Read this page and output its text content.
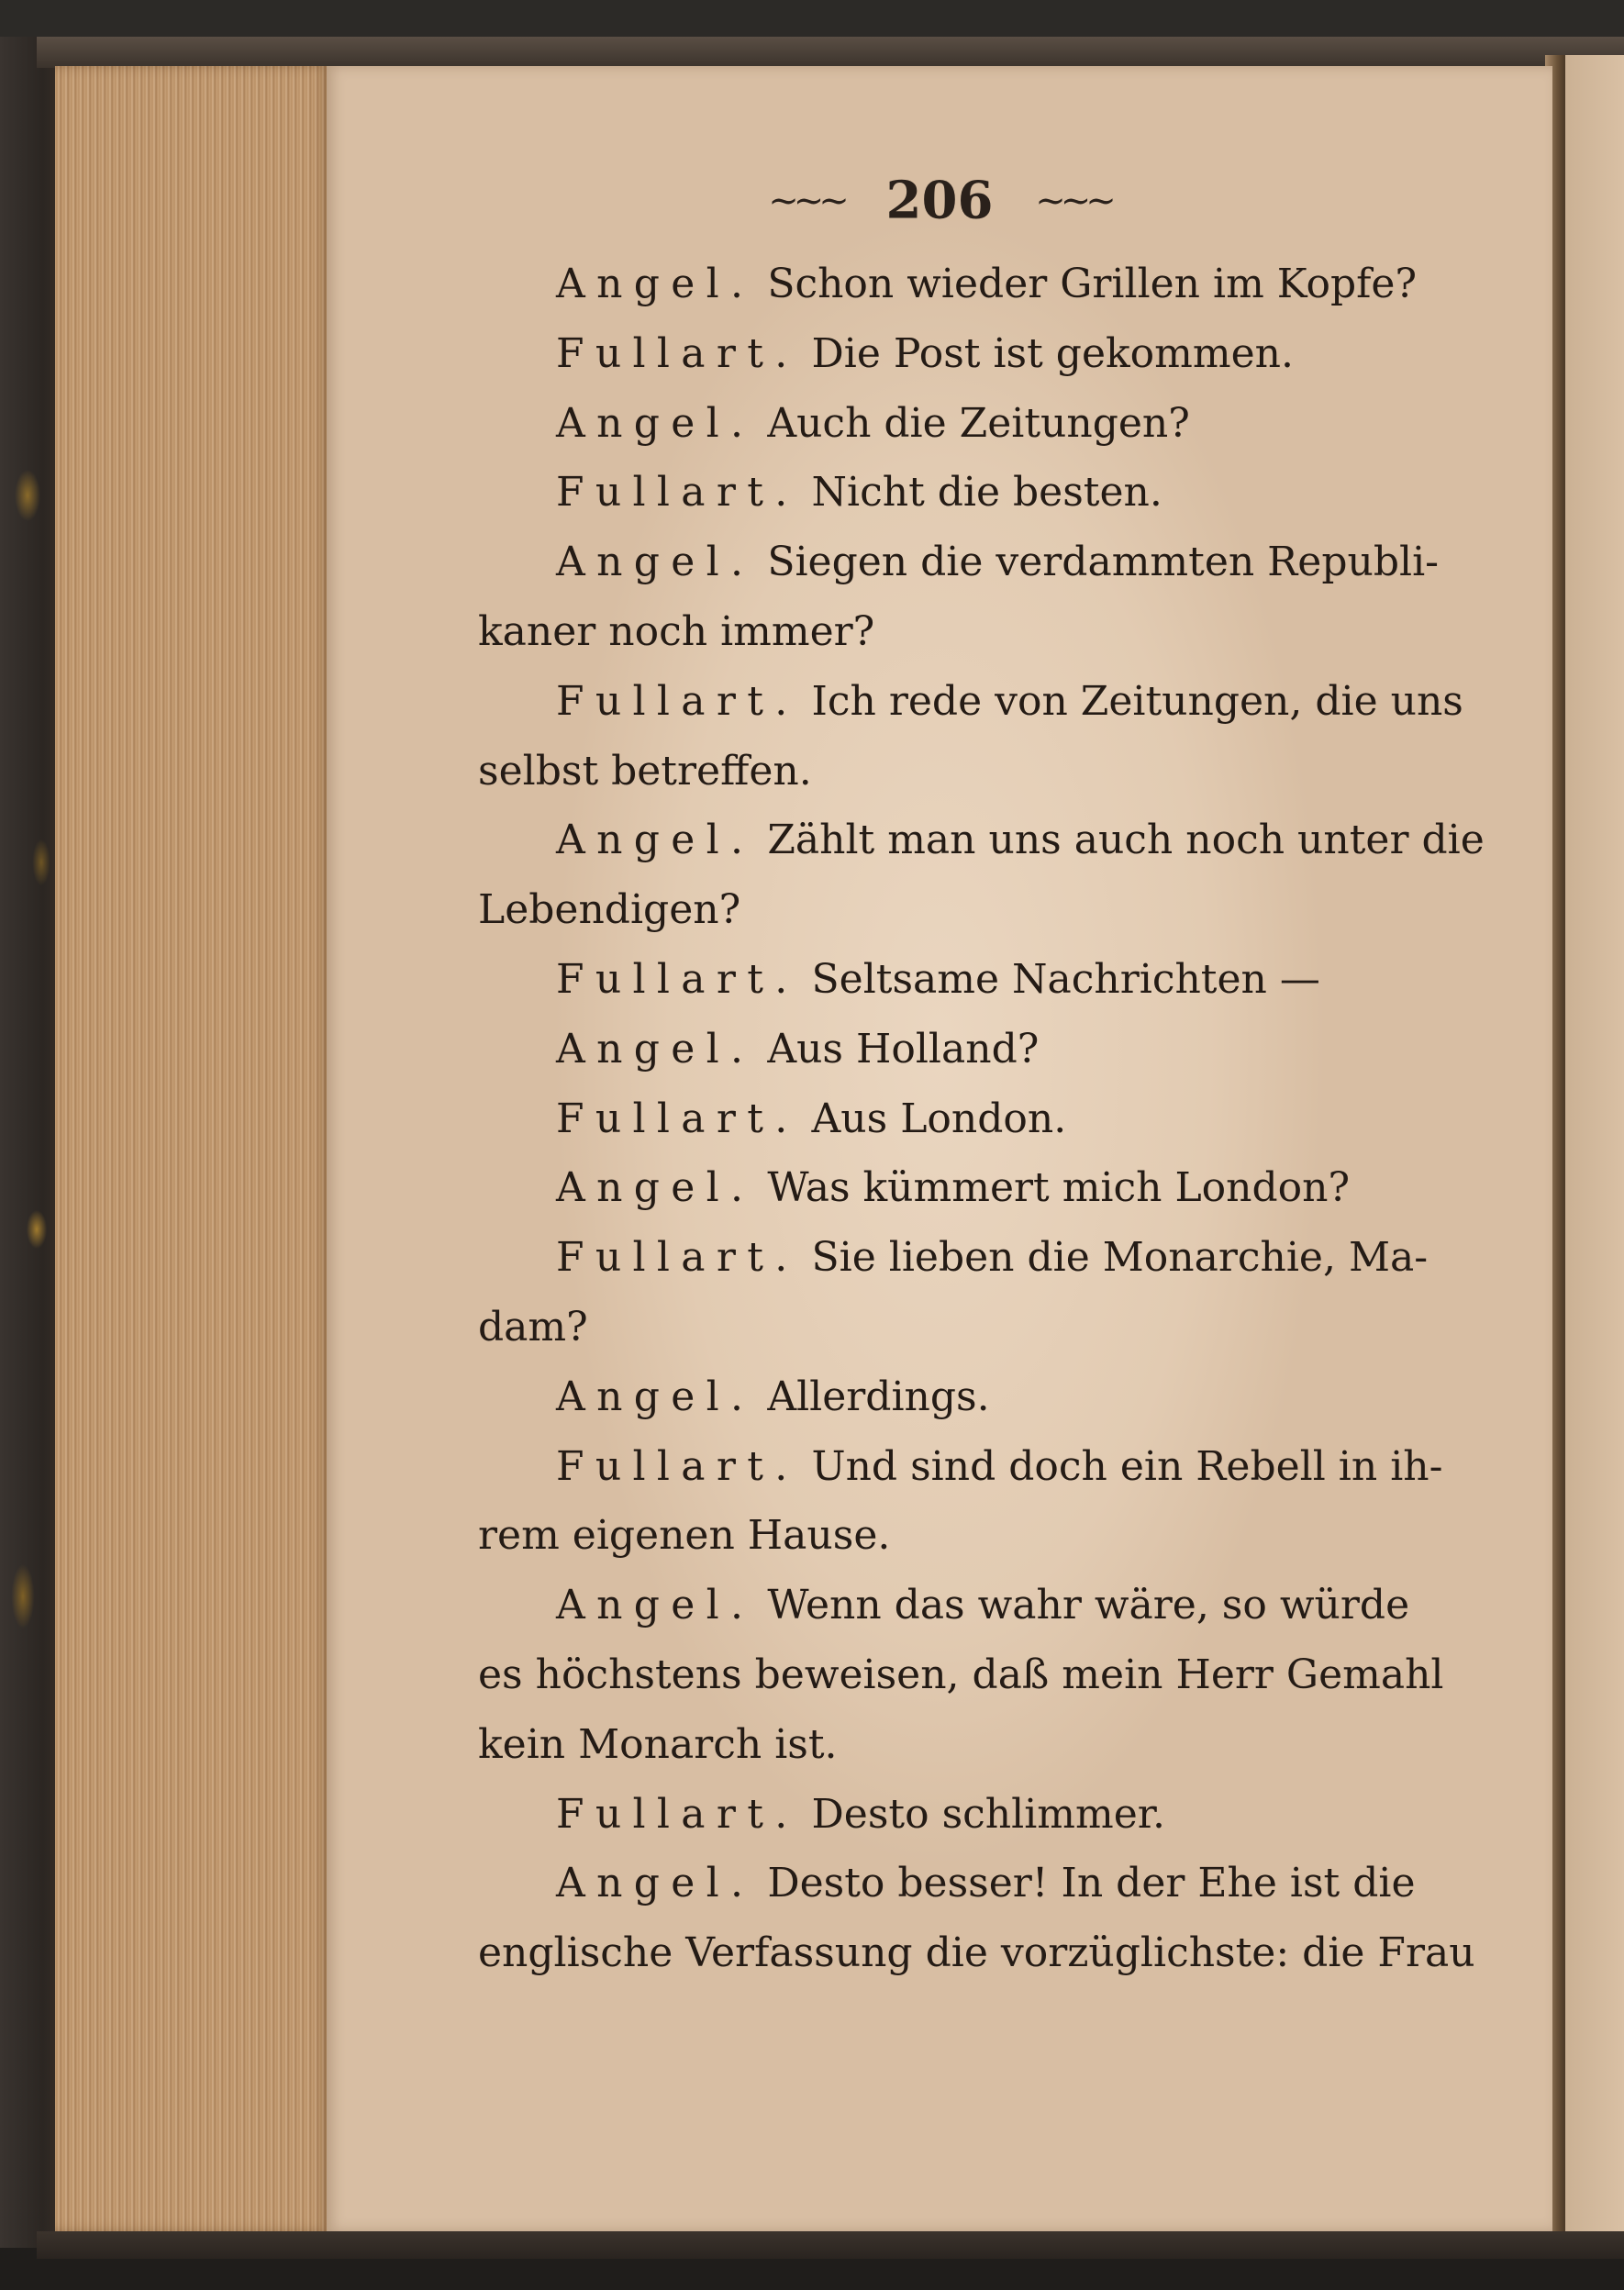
~~~ 206 ~~~
Angel. Schon wieder Grillen im Kopfe?
Fullart. Die Post ist gekommen.
Angel. Auch die Zeitungen?
Fullart. Nicht die besten.
Angel. Siegen die verdammten Republi-
kaner noch immer?
Fullart. Ich rede von Zeitungen, die uns
selbst betreffen.
Angel. Zählt man uns auch noch unter die
Lebendigen?
Fullart. Seltsame Nachrichten —
Angel. Aus Holland?
Fullart. Aus London.
Angel. Was kümmert mich London?
Fullart. Sie lieben die Monarchie, Ma-
dam?
Angel. Allerdings.
Fullart. Und sind doch ein Rebell in ih-
rem eigenen Hause.
Angel. Wenn das wahr wäre, so würde
es höchstens beweisen, daß mein Herr Gemahl
kein Monarch ist.
Fullart. Desto schlimmer.
Angel. Desto besser! In der Ehe ist die
englische Verfassung die vorzüglichste: die Frau
